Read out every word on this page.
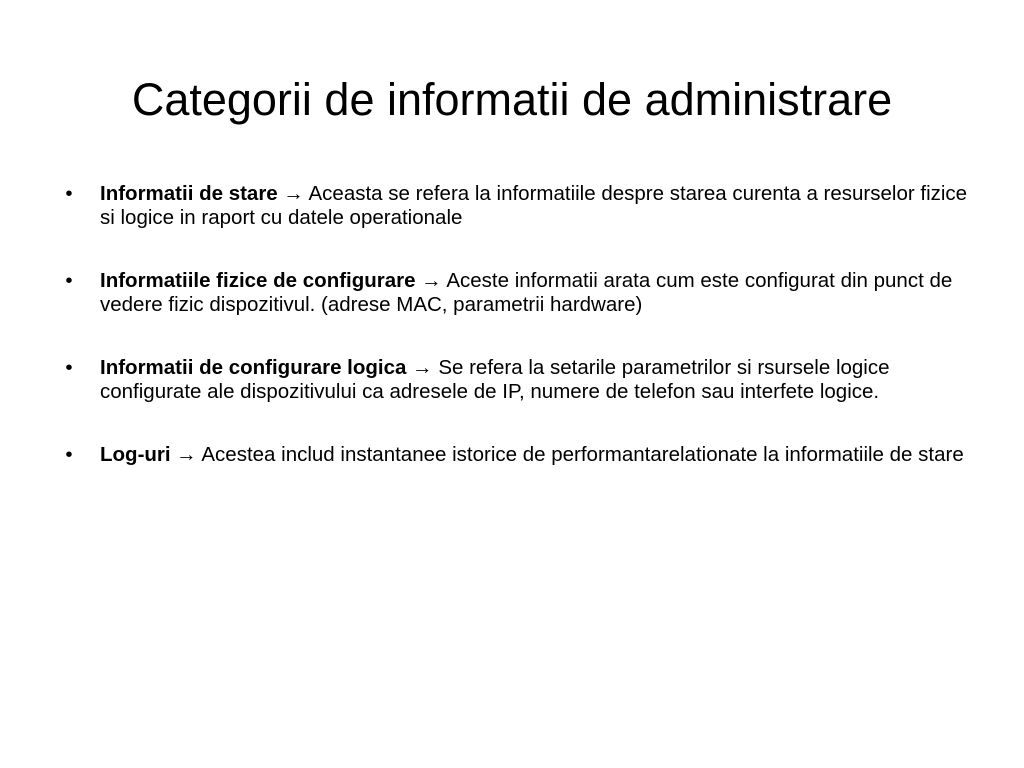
Categorii de informatii de administrare
• Informatii de stare → Aceasta se refera la informatiile despre starea curenta a resurselor fizice si logice in raport cu datele operationale
• Informatiile fizice de configurare → Aceste informatii arata cum este configurat din punct de vedere fizic dispozitivul. (adrese MAC, parametrii hardware)
• Informatii de configurare logica → Se refera la setarile parametrilor si rsursele logice configurate ale dispozitivului ca adresele de IP, numere de telefon sau interfete logice.
• Log-uri → Acestea includ instantanee istorice de performantarelationate la informatiile de stare
